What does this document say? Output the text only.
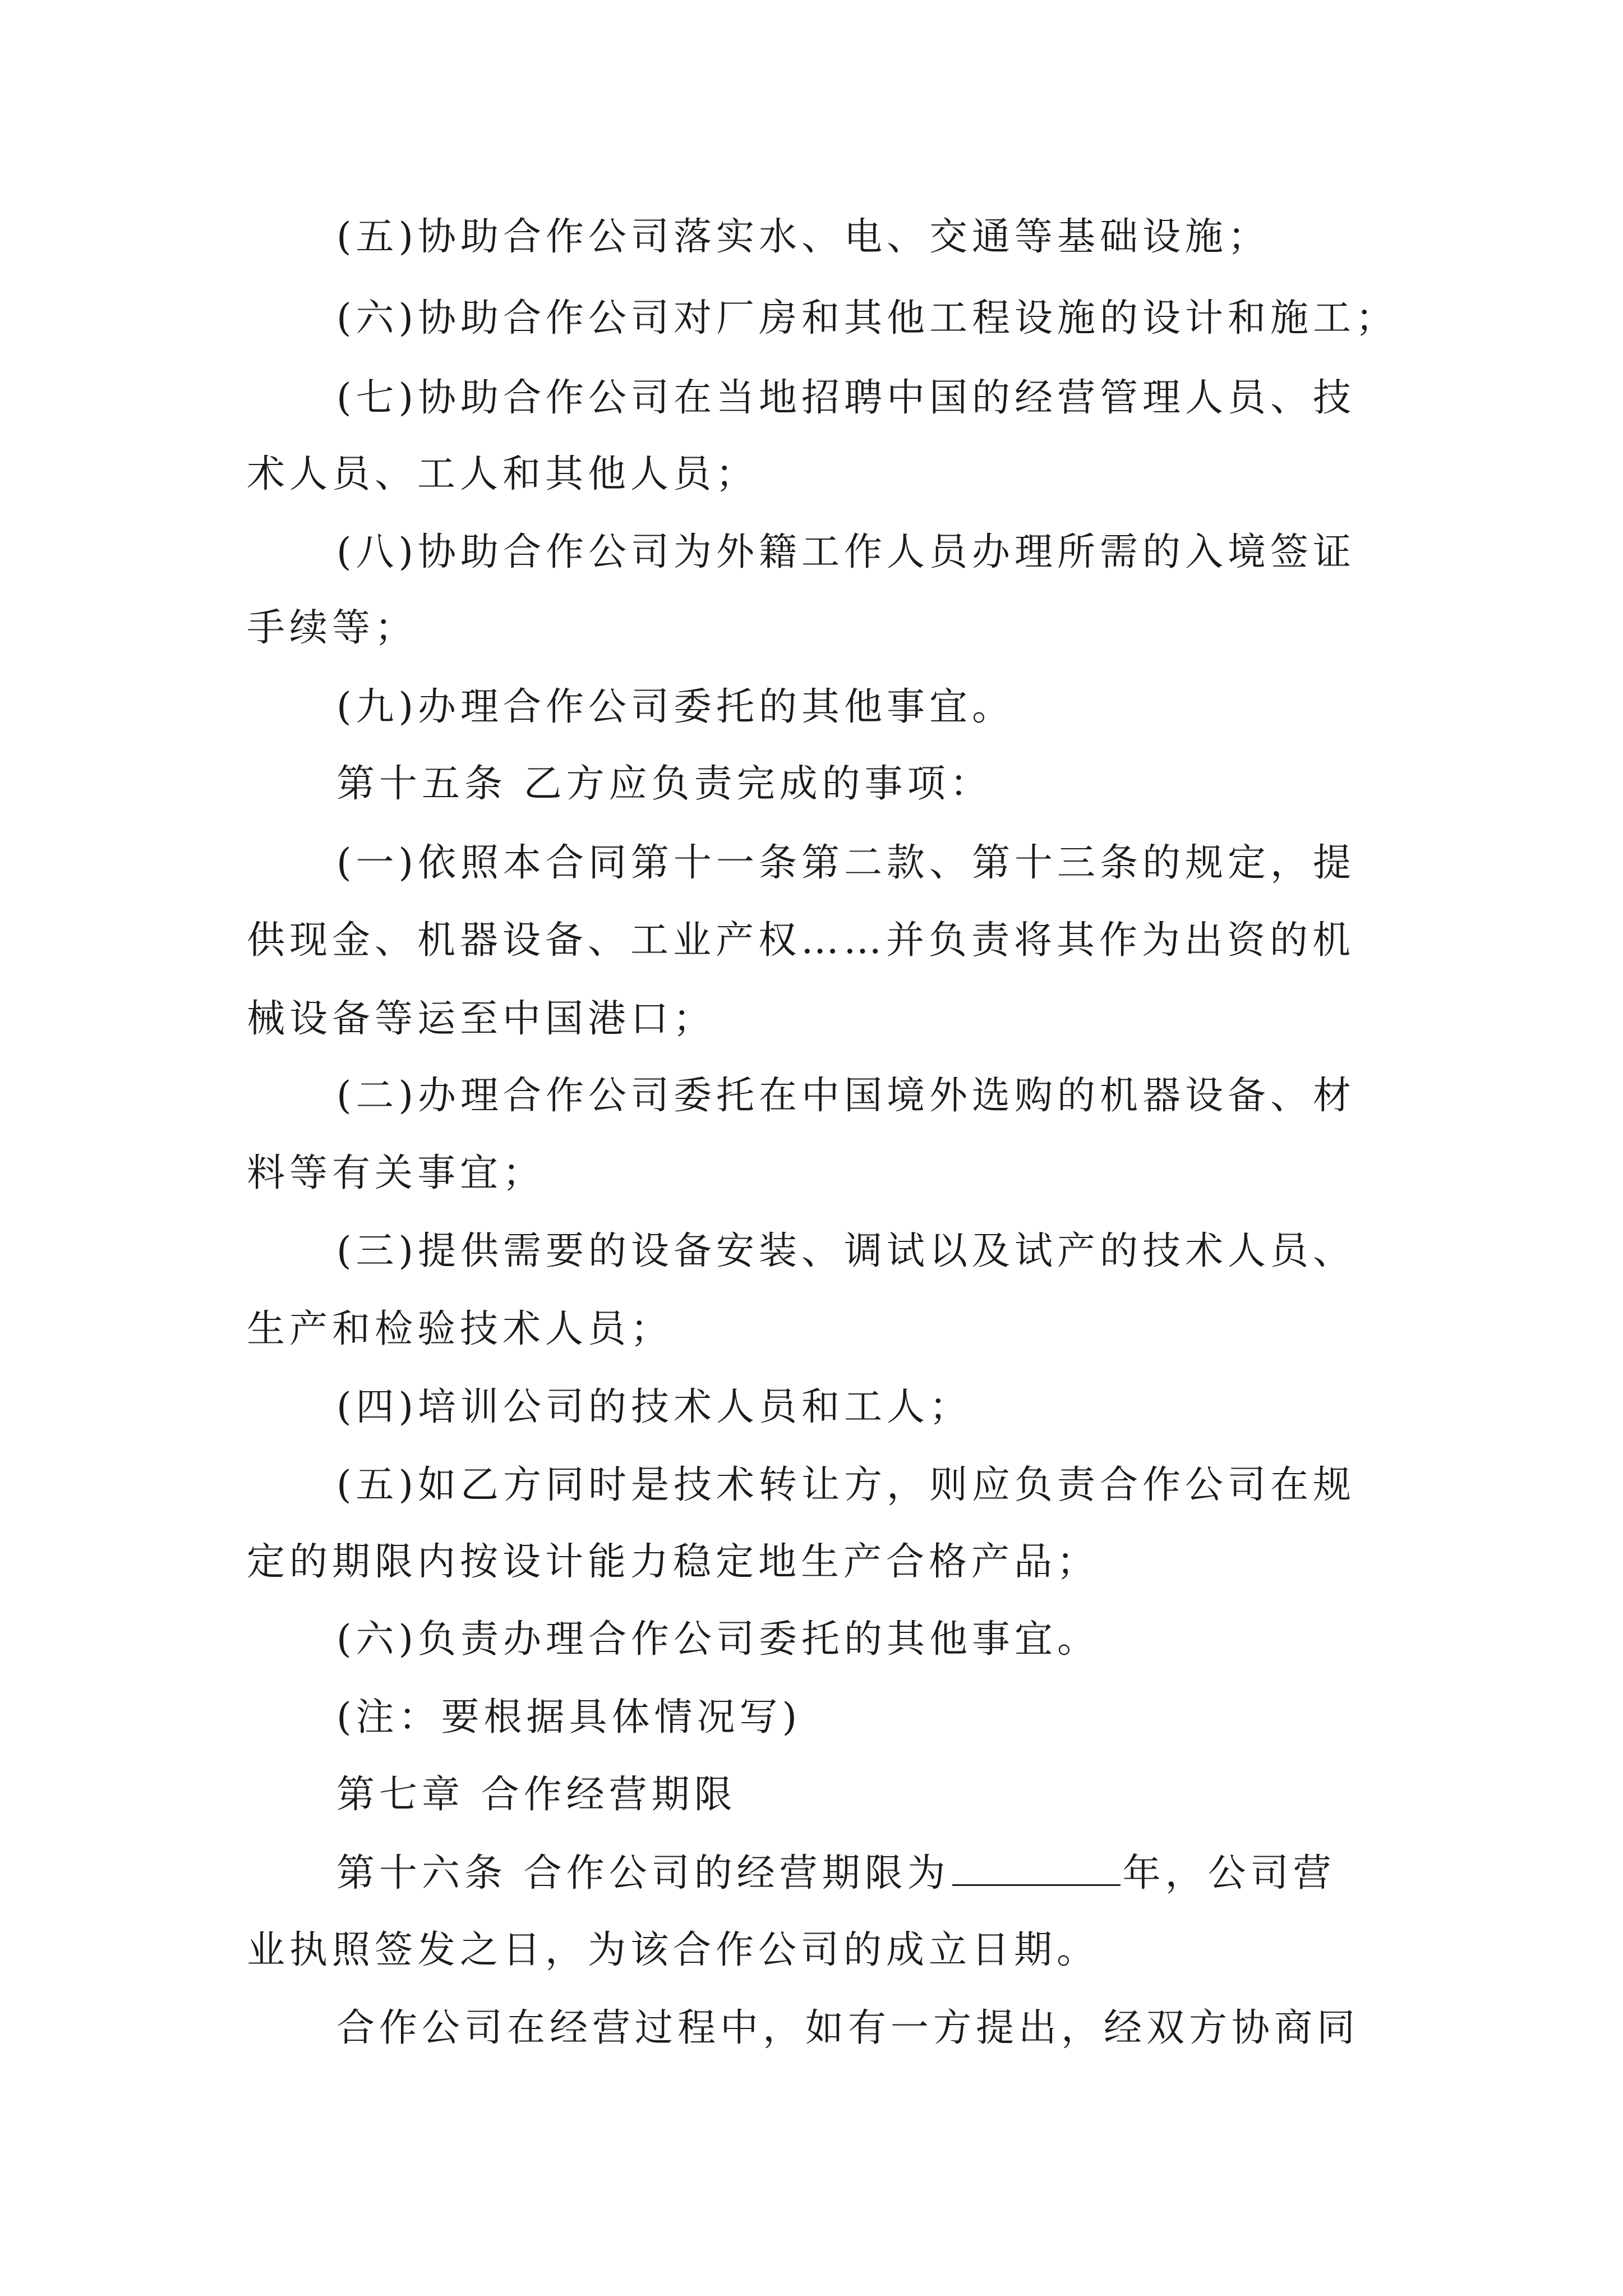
(五)协助合作公司落实水、电、交通等基础设施；
(六)协助合作公司对厂房和其他工程设施的设计和施工；
(七)协助合作公司在当地招聘中国的经营管理人员、技
术人员、工人和其他人员；
(八)协助合作公司为外籍工作人员办理所需的入境签证
手续等；
(九)办理合作公司委托的其他事宜。
第十五条 乙方应负责完成的事项：
(一)依照本合同第十一条第二款、第十三条的规定，提
供现金、机器设备、工业产权……并负责将其作为出资的机
械设备等运至中国港口；
(二)办理合作公司委托在中国境外选购的机器设备、材
料等有关事宜；
(三)提供需要的设备安装、调试以及试产的技术人员、
生产和检验技术人员；
(四)培训公司的技术人员和工人；
(五)如乙方同时是技术转让方，则应负责合作公司在规
定的期限内按设计能力稳定地生产合格产品；
(六)负责办理合作公司委托的其他事宜。
(注：要根据具体情况写)
第七章 合作经营期限
第十六条 合作公司的经营期限为	年，公司营
业执照签发之日，为该合作公司的成立日期。
合作公司在经营过程中，如有一方提出，经双方协商同
